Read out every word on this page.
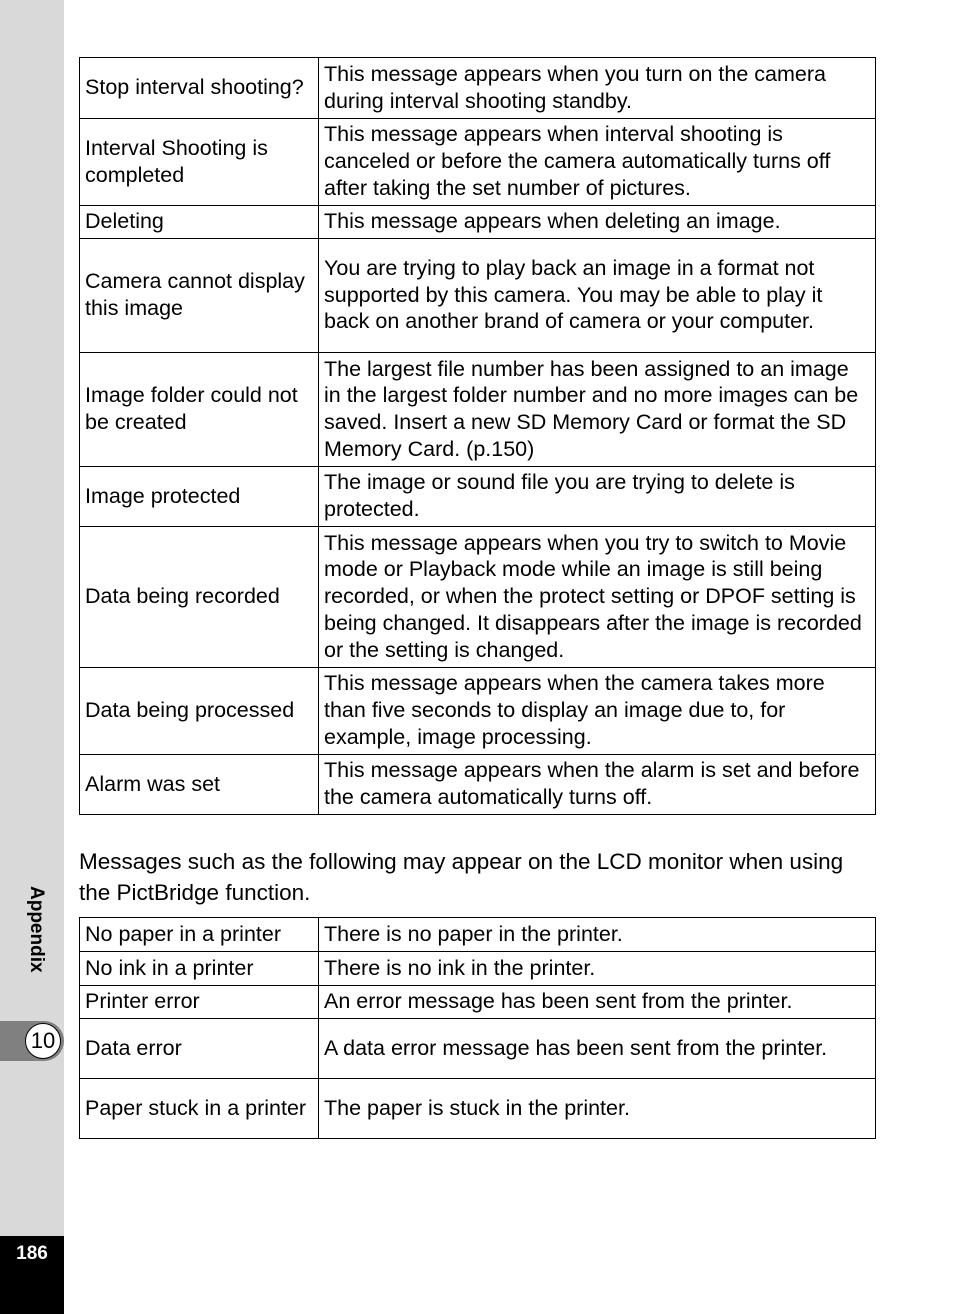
Appendix
10
186
Stop interval shooting?	This message appears when you turn on the camera during interval shooting standby.
Interval Shooting is completed	This message appears when interval shooting is canceled or before the camera automatically turns off after taking the set number of pictures.
Deleting	This message appears when deleting an image.
Camera cannot display this image	You are trying to play back an image in a format not supported by this camera. You may be able to play it back on another brand of camera or your computer.
Image folder could not be created	The largest file number has been assigned to an image in the largest folder number and no more images can be saved. Insert a new SD Memory Card or format the SD Memory Card. (p.150)
Image protected	The image or sound file you are trying to delete is protected.
Data being recorded	This message appears when you try to switch to Movie mode or Playback mode while an image is still being recorded, or when the protect setting or DPOF setting is being changed. It disappears after the image is recorded or the setting is changed.
Data being processed	This message appears when the camera takes more than five seconds to display an image due to, for example, image processing.
Alarm was set	This message appears when the alarm is set and before the camera automatically turns off.
Messages such as the following may appear on the LCD monitor when using the PictBridge function.
No paper in a printer	There is no paper in the printer.
No ink in a printer	There is no ink in the printer.
Printer error	An error message has been sent from the printer.
Data error	A data error message has been sent from the printer.
Paper stuck in a printer	The paper is stuck in the printer.
